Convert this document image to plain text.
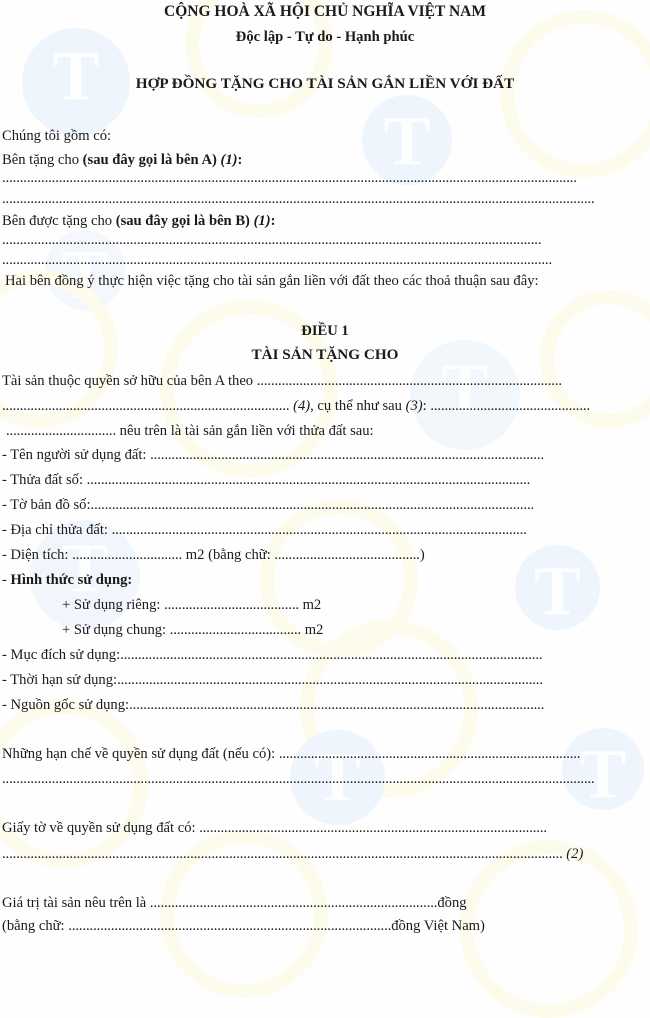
T
T
T
T
T
T
T
T
CỘNG HOÀ XÃ HỘI CHỦ NGHĨA VIỆT NAM
Độc lập - Tự do - Hạnh phúc
HỢP ĐỒNG TẶNG CHO TÀI SẢN GẮN LIỀN VỚI ĐẤT
Chúng tôi gồm có:
Bên tặng cho (sau đây gọi là bên A) (1):
..................................................................................................................................................................
.......................................................................................................................................................................
Bên được tặng cho (sau đây gọi là bên B) (1):
........................................................................................................................................................
...........................................................................................................................................................
Hai bên đồng ý thực hiện việc tặng cho tài sản gắn liền với đất theo các thoả thuận sau đây:
ĐIỀU 1
TÀI SẢN TẶNG CHO
Tài sản thuộc quyền sở hữu của bên A theo ......................................................................................
................................................................................. (4), cụ thể như sau (3): .............................................
............................... nêu trên là tài sản gắn liền với thửa đất sau:
- Tên người sử dụng đất: ...............................................................................................................
- Thửa đất số: .............................................................................................................................
- Tờ bản đồ số:.............................................................................................................................
- Địa chỉ thửa đất: .....................................................................................................................
- Diện tích: ............................... m2 (bằng chữ: .........................................)
- Hình thức sử dụng:
+ Sử dụng riêng: ...................................... m2
+ Sử dụng chung: ..................................... m2
- Mục đích sử dụng:.......................................................................................................................
- Thời hạn sử dụng:........................................................................................................................
- Nguồn gốc sử dụng:.....................................................................................................................
Những hạn chế về quyền sử dụng đất (nếu có): .....................................................................................
.......................................................................................................................................................................
Giấy tờ về quyền sử dụng đất có: ..................................................................................................
.............................................................................................................................................................. (2)
Giá trị tài sản nêu trên là .................................................................................đồng
(bằng chữ: ...........................................................................................đồng Việt Nam)
